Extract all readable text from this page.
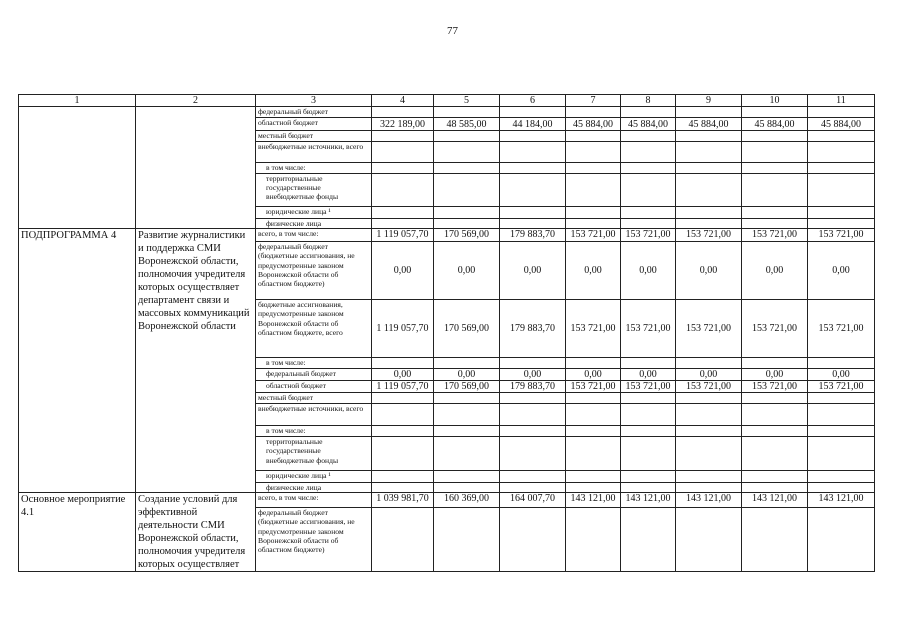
77
1	2	3	4	5	6	7	8	9	10	11
		федеральный бюджет								
		областной бюджет	322 189,00	48 585,00	44 184,00	45 884,00	45 884,00	45 884,00	45 884,00	45 884,00
		местный бюджет								
		внебюджетные источники, всего								
		в том числе:								
		территориальные государственные внебюджетные фонды								
		юридические лица ¹								
		физические лица								
ПОДПРОГРАММА 4	Развитие журналистики и поддержка СМИ Воронежской области, полномочия учредителя которых осуществляет департамент связи и массовых коммуникаций Воронежской области	всего, в том числе:	1 119 057,70	170 569,00	179 883,70	153 721,00	153 721,00	153 721,00	153 721,00	153 721,00
		федеральный бюджет (бюджетные ассигнования, не предусмотренные законом Воронежской области об областном бюджете)	0,00	0,00	0,00	0,00	0,00	0,00	0,00	0,00
		бюджетные ассигнования, предусмотренные законом Воронежской области об областном бюджете, всего	1 119 057,70	170 569,00	179 883,70	153 721,00	153 721,00	153 721,00	153 721,00	153 721,00
		в том числе:								
		федеральный бюджет	0,00	0,00	0,00	0,00	0,00	0,00	0,00	0,00
		областной бюджет	1 119 057,70	170 569,00	179 883,70	153 721,00	153 721,00	153 721,00	153 721,00	153 721,00
		местный бюджет								
		внебюджетные источники, всего								
		в том числе:								
		территориальные государственные внебюджетные фонды								
		юридические лица ¹								
		физические лица								
Основное мероприятие 4.1	Создание условий для эффективной деятельности СМИ Воронежской области, полномочия учредителя которых осуществляет	всего, в том числе:	1 039 981,70	160 369,00	164 007,70	143 121,00	143 121,00	143 121,00	143 121,00	143 121,00
		федеральный бюджет (бюджетные ассигнования, не предусмотренные законом Воронежской области об областном бюджете)								
